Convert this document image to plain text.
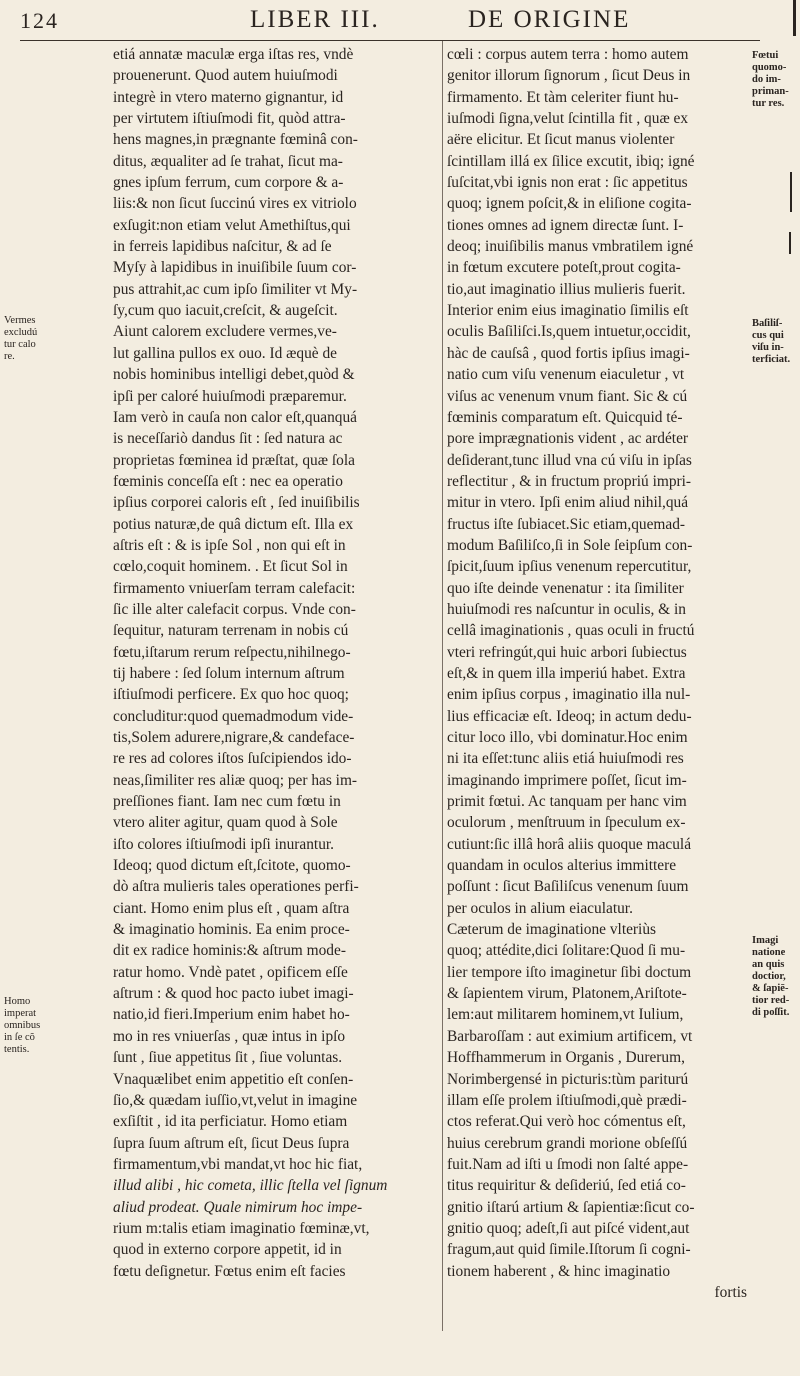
124	LIBER III.	DE ORIGINE
etiá annatæ maculæ erga iſtas res, vndè
prouenerunt. Quod autem huiuſmodi
integrè in vtero materno gignantur, id
per virtutem iſtiuſmodi fit, quòd attra-
hens magnes,in prægnante fœminâ con-
ditus, æqualiter ad ſe trahat, ſicut ma-
gnes ipſum ferrum, cum corpore & a-
liis:& non ſicut ſuccinú vires ex vitriolo
exſugit:non etiam velut Amethiſtus,qui
in ferreis lapidibus naſcitur, & ad ſe
Myſy à lapidibus in inuiſibile ſuum cor-
pus attrahit,ac cum ipſo ſimiliter vt My-
ſy,cum quo iacuit,creſcit, & augeſcit.
Aiunt calorem excludere vermes,ve-
lut gallina pullos ex ouo. Id æquè de
nobis hominibus intelligi debet,quòd &
ipſi per caloré huiuſmodi præparemur.
Iam verò in cauſa non calor eſt,quanquá
is neceſſariò dandus ſit : ſed natura ac
proprietas fœminea id præſtat, quæ ſola
fœminis conceſſa eſt : nec ea operatio
ipſius corporei caloris eſt , ſed inuiſibilis
potius naturæ,de quâ dictum eſt. Illa ex
aſtris eſt : & is ipſe Sol , non qui eſt in
cœlo,coquit hominem. . Et ſicut Sol in
firmamento vniuerſam terram calefacit:
ſic ille alter calefacit corpus. Vnde con-
ſequitur, naturam terrenam in nobis cú
fœtu,iſtarum rerum reſpectu,nihilnego-
tij habere : ſed ſolum internum aſtrum
iſtiuſmodi perficere. Ex quo hoc quoq;
concluditur:quod quemadmodum vide-
tis,Solem adurere,nigrare,& candeface-
re res ad colores iſtos ſuſcipiendos ido-
neas,ſimiliter res aliæ quoq; per has im-
preſſiones fiant. Iam nec cum fœtu in
vtero aliter agitur, quam quod à Sole
iſto colores iſtiuſmodi ipſi inurantur.
Ideoq; quod dictum eſt,ſcitote, quomo-
dò aſtra mulieris tales operationes perfi-
ciant. Homo enim plus eſt , quam aſtra
& imaginatio hominis. Ea enim proce-
dit ex radice hominis:& aſtrum mode-
ratur homo. Vndè patet , opificem eſſe
aſtrum : & quod hoc pacto iubet imagi-
natio,id fieri.Imperium enim habet ho-
mo in res vniuerſas , quæ intus in ipſo
ſunt , ſiue appetitus ſit , ſiue voluntas.
Vnaquælibet enim appetitio eſt conſen-
ſio,& quædam iuſſio,vt,velut in imagine
exſiſtit , id ita perficiatur. Homo etiam
ſupra ſuum aſtrum eſt, ſicut Deus ſupra
firmamentum,vbi mandat,vt hoc hic fiat,
illud alibi , hic cometa, illic ſtella vel ſignum
aliud prodeat. Quale nimirum hoc impe-
rium m:talis etiam imaginatio fœminæ,vt,
quod in externo corpore appetit, id in
fœtu deſignetur. Fœtus enim eſt facies
cœli : corpus autem terra : homo autem
genitor illorum ſignorum , ſicut Deus in
firmamento. Et tàm celeriter fiunt hu-
iuſmodi ſigna,velut ſcintilla fit , quæ ex
aëre elicitur. Et ſicut manus violenter
ſcintillam illá ex ſilice excutit, ibiq; igné
ſuſcitat,vbi ignis non erat : ſic appetitus
quoq; ignem poſcit,& in eliſione cogita-
tiones omnes ad ignem directæ ſunt. I-
deoq; inuiſibilis manus vmbratilem igné
in fœtum excutere poteſt,prout cogita-
tio,aut imaginatio illius mulieris fuerit.
Interior enim eius imaginatio ſimilis eſt
oculis Baſiliſci.Is,quem intuetur,occidit,
hàc de cauſsâ , quod fortis ipſius imagi-
natio cum viſu venenum eiaculetur , vt
viſus ac venenum vnum fiant. Sic & cú
fœminis comparatum eſt. Quicquid té-
pore imprægnationis vident , ac ardéter
deſiderant,tunc illud vna cú viſu in ipſas
reflectitur , & in fructum propriú impri-
mitur in vtero. Ipſi enim aliud nihil,quá
fructus iſte ſubiacet.Sic etiam,quemad-
modum Baſiliſco,ſi in Sole ſeipſum con-
ſpicit,ſuum ipſius venenum repercutitur,
quo iſte deinde venenatur : ita ſimiliter
huiuſmodi res naſcuntur in oculis, & in
cellâ imaginationis , quas oculi in fructú
vteri refringút,qui huic arbori ſubiectus
eſt,& in quem illa imperiú habet. Extra
enim ipſius corpus , imaginatio illa nul-
lius efficaciæ eſt. Ideoq; in actum dedu-
citur loco illo, vbi dominatur.Hoc enim
ni ita eſſet:tunc aliis etiá huiuſmodi res
imaginando imprimere poſſet, ſicut im-
primit fœtui. Ac tanquam per hanc vim
oculorum , menſtruum in ſpeculum ex-
cutiunt:ſic illâ horâ aliis quoque maculá
quandam in oculos alterius immittere
poſſunt : ſicut Baſiliſcus venenum ſuum
per oculos in alium eiaculatur.
Cæterum de imaginatione vlteriùs
quoq; attédite,dici ſolitare:Quod ſi mu-
lier tempore iſto imaginetur ſibi doctum
& ſapientem virum, Platonem,Ariſtote-
lem:aut militarem hominem,vt Iulium,
Barbaroſſam : aut eximium artificem, vt
Hoffhammerum in Organis , Durerum,
Norimbergensé in picturis:tùm pariturú
illam eſſe prolem iſtiuſmodi,què prædi-
ctos referat.Qui verò hoc cómentus eſt,
huius cerebrum grandi morione obſeſſú
fuit.Nam ad iſti u ſmodi non ſalté appe-
titus requiritur & deſideriú, ſed etiá co-
gnitio iſtarú artium & ſapientiæ:ſicut co-
gnitio quoq; adeſt,ſi aut piſcé vident,aut
fragum,aut quid ſimile.Iſtorum ſi cogni-
tionem haberent , & hinc imaginatio
fortis
Vermes
excludú
tur calo
re.
Homo
imperat
omnibus
in ſe cõ
tentis.
Fœtui
quomo-
do im-
priman-
tur res.
Baſiliſ-
cus qui
viſu in-
terficiat.
Imagi
natione
an quis
doctior,
& ſapiē-
tior red-
di poſſit.
